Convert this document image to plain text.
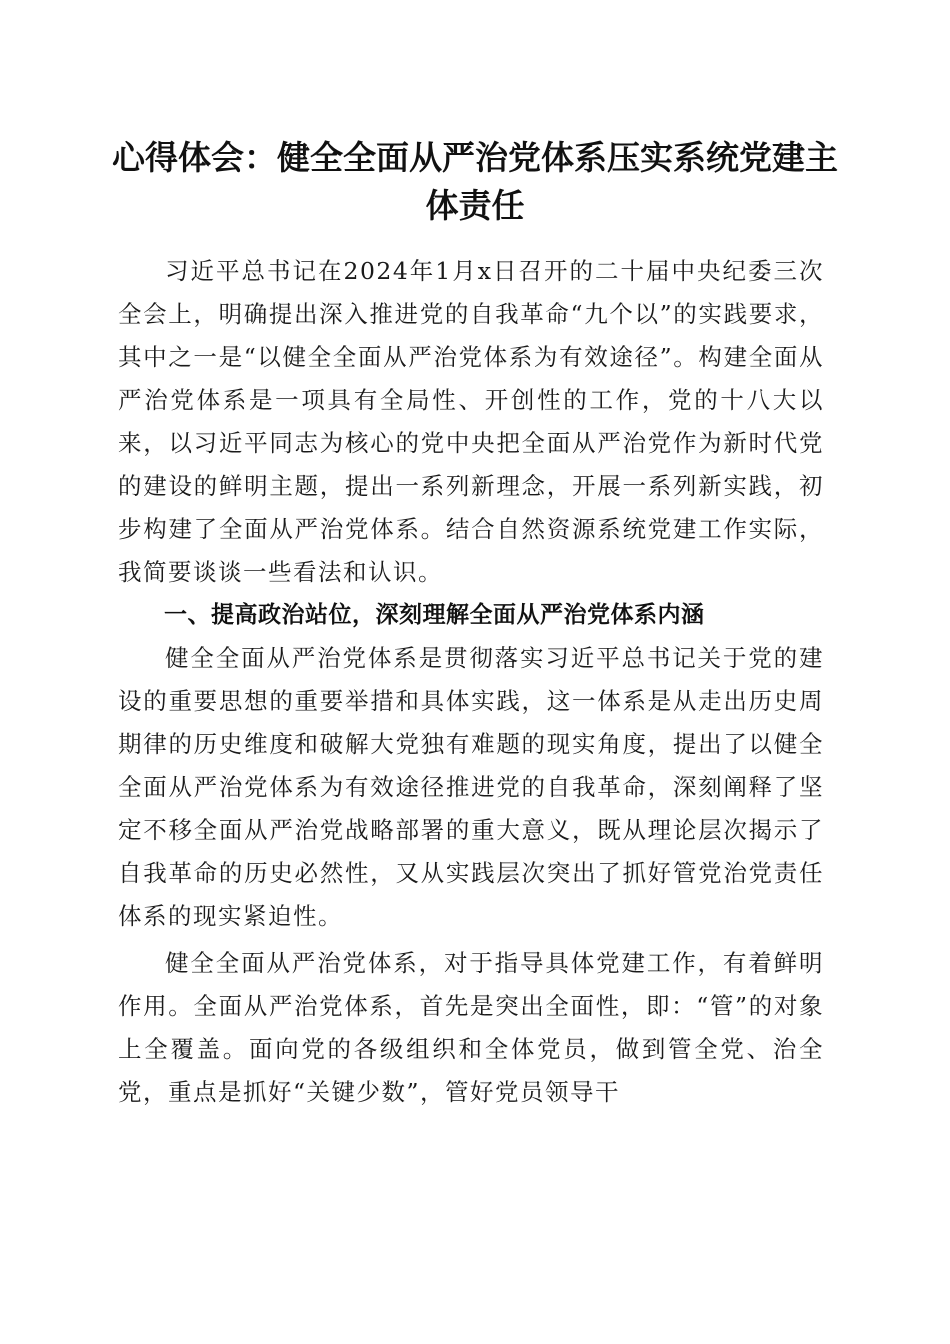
心得体会：健全全面从严治党体系压实系统党建主体责任

习近平总书记在2024年1月x日召开的二十届中央纪委三次全会上，明确提出深入推进党的自我革命“九个以”的实践要求，其中之一是“以健全全面从严治党体系为有效途径”。构建全面从严治党体系是一项具有全局性、开创性的工作，党的十八大以来，以习近平同志为核心的党中央把全面从严治党作为新时代党的建设的鲜明主题，提出一系列新理念，开展一系列新实践，初步构建了全面从严治党体系。结合自然资源系统党建工作实际，我简要谈谈一些看法和认识。

一、提高政治站位，深刻理解全面从严治党体系内涵

健全全面从严治党体系是贯彻落实习近平总书记关于党的建设的重要思想的重要举措和具体实践，这一体系是从走出历史周期律的历史维度和破解大党独有难题的现实角度，提出了以健全全面从严治党体系为有效途径推进党的自我革命，深刻阐释了坚定不移全面从严治党战略部署的重大意义，既从理论层次揭示了自我革命的历史必然性，又从实践层次突出了抓好管党治党责任体系的现实紧迫性。

健全全面从严治党体系，对于指导具体党建工作，有着鲜明作用。全面从严治党体系，首先是突出全面性，即：“管”的对象上全覆盖。面向党的各级组织和全体党员，做到管全党、治全党，重点是抓好“关键少数”，管好党员领导干
